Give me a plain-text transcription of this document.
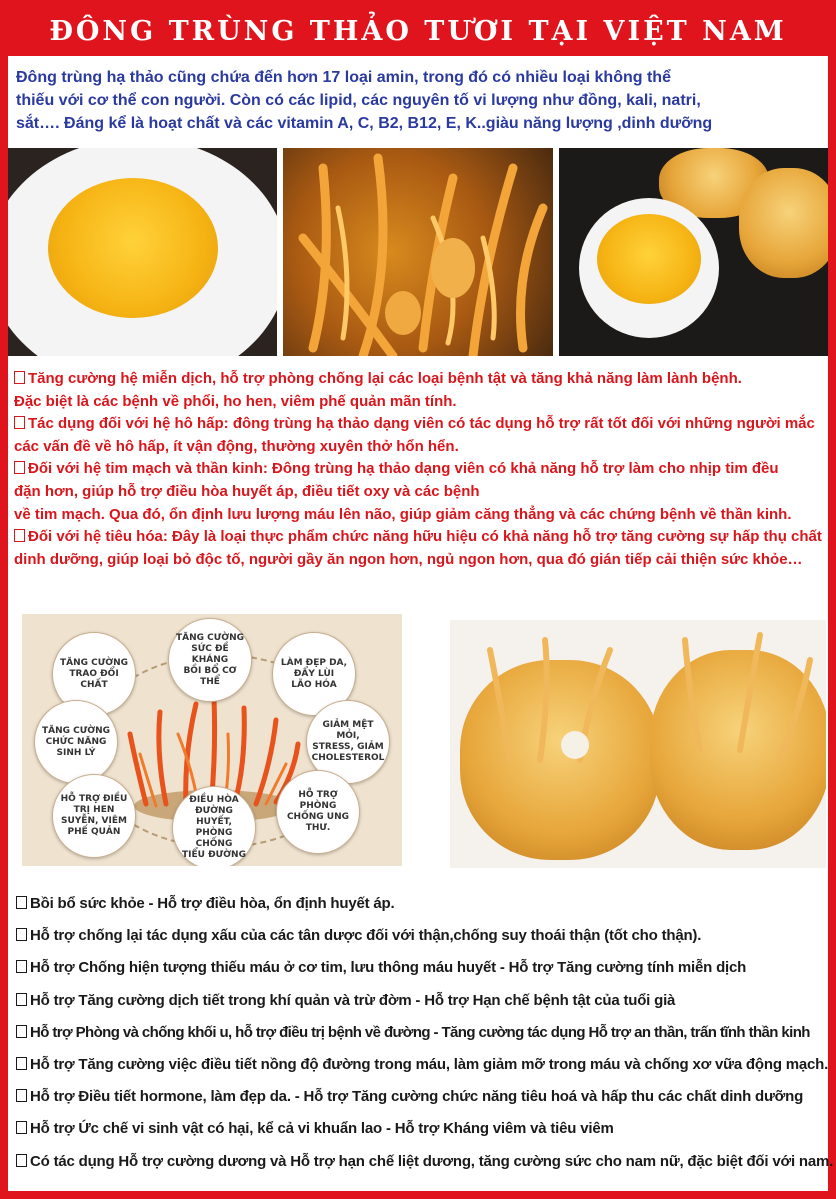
ĐÔNG TRÙNG THẢO TƯƠI TẠI VIỆT NAM
Đông trùng hạ thảo cũng chứa đến hơn 17 loại amin, trong đó có nhiều loại không thể
thiếu với cơ thể con người. Còn có các lipid, các nguyên tố vi lượng như đồng, kali, natri,
sắt…. Đáng kể là hoạt chất và các vitamin A, C, B2, B12, E, K..giàu năng lượng ,dinh dưỡng

Tăng cường hệ miễn dịch, hỗ trợ phòng chống lại các loại bệnh tật và tăng khả năng làm lành bệnh.

Đặc biệt là các bệnh về phổi, ho hen, viêm phế quản mãn tính.

Tác dụng đối với hệ hô hấp: đông trùng hạ thảo dạng viên có tác dụng hỗ trợ rất tốt đối với những người mắc

các vấn đề về hô hấp, ít vận động, thường xuyên thở hổn hển.

Đối với hệ tim mạch và thần kinh: Đông trùng hạ thảo dạng viên có khả năng hỗ trợ làm cho nhịp tim đều

đặn hơn, giúp hỗ trợ điều hòa huyết áp, điều tiết oxy và các bệnh

về tim mạch. Qua đó, ổn định lưu lượng máu lên não, giúp giảm căng thẳng và các chứng bệnh về thần kinh.

Đối với hệ tiêu hóa: Đây là loại thực phẩm chức năng hữu hiệu có khả năng hỗ trợ tăng cường sự hấp thụ chất

dinh dưỡng, giúp loại bỏ độc tố, người gầy ăn ngon hơn, ngủ ngon hơn, qua đó gián tiếp cải thiện sức khỏe…

TĂNG CƯỜNG
TRAO ĐỔI
CHẤT
TĂNG CƯỜNG
SỨC ĐỀ KHÁNG
BỒI BỔ CƠ THỂ
LÀM ĐẸP DA,
ĐẨY LÙI
LÃO HÓA
TĂNG CƯỜNG
CHỨC NĂNG
SINH LÝ
GIẢM MỆT MỎI,
STRESS, GIẢM
CHOLESTEROL
HỖ TRỢ ĐIỀU
TRỊ HEN
SUYỄN, VIÊM
PHẾ QUẢN
ĐIỀU HÒA
ĐƯỜNG HUYẾT,
PHÒNG CHỐNG
TIỂU ĐƯỜNG
HỖ TRỢ PHÒNG
CHỐNG UNG
THƯ.

Bồi bổ sức khỏe - Hỗ trợ điều hòa, ổn định huyết áp.

Hỗ trợ chống lại tác dụng xấu của các tân dược đối với thận,chống suy thoái thận (tốt cho thận).

Hỗ trợ Chống hiện tượng thiếu máu ở cơ tim, lưu thông máu huyết - Hỗ trợ Tăng cường tính miễn dịch

Hỗ trợ Tăng cường dịch tiết trong khí quản và trừ đờm - Hỗ trợ Hạn chế bệnh tật của tuổi già

Hỗ trợ Phòng và chống khối u, hỗ trợ điều trị bệnh về đường - Tăng cường tác dụng Hỗ trợ an thần, trấn tĩnh thần kinh

Hỗ trợ Tăng cường việc điều tiết nồng độ đường trong máu, làm giảm mỡ trong máu và chống xơ vữa động mạch.

Hỗ trợ Điều tiết hormone, làm đẹp da. - Hỗ trợ Tăng cường chức năng tiêu hoá và hấp thu các chất dinh dưỡng

Hỗ trợ Ức chế vi sinh vật có hại, kể cả vi khuẩn lao - Hỗ trợ Kháng viêm và tiêu viêm

Có tác dụng Hỗ trợ cường dương và Hỗ trợ hạn chế liệt dương, tăng cường sức cho nam nữ, đặc biệt đối với nam.
